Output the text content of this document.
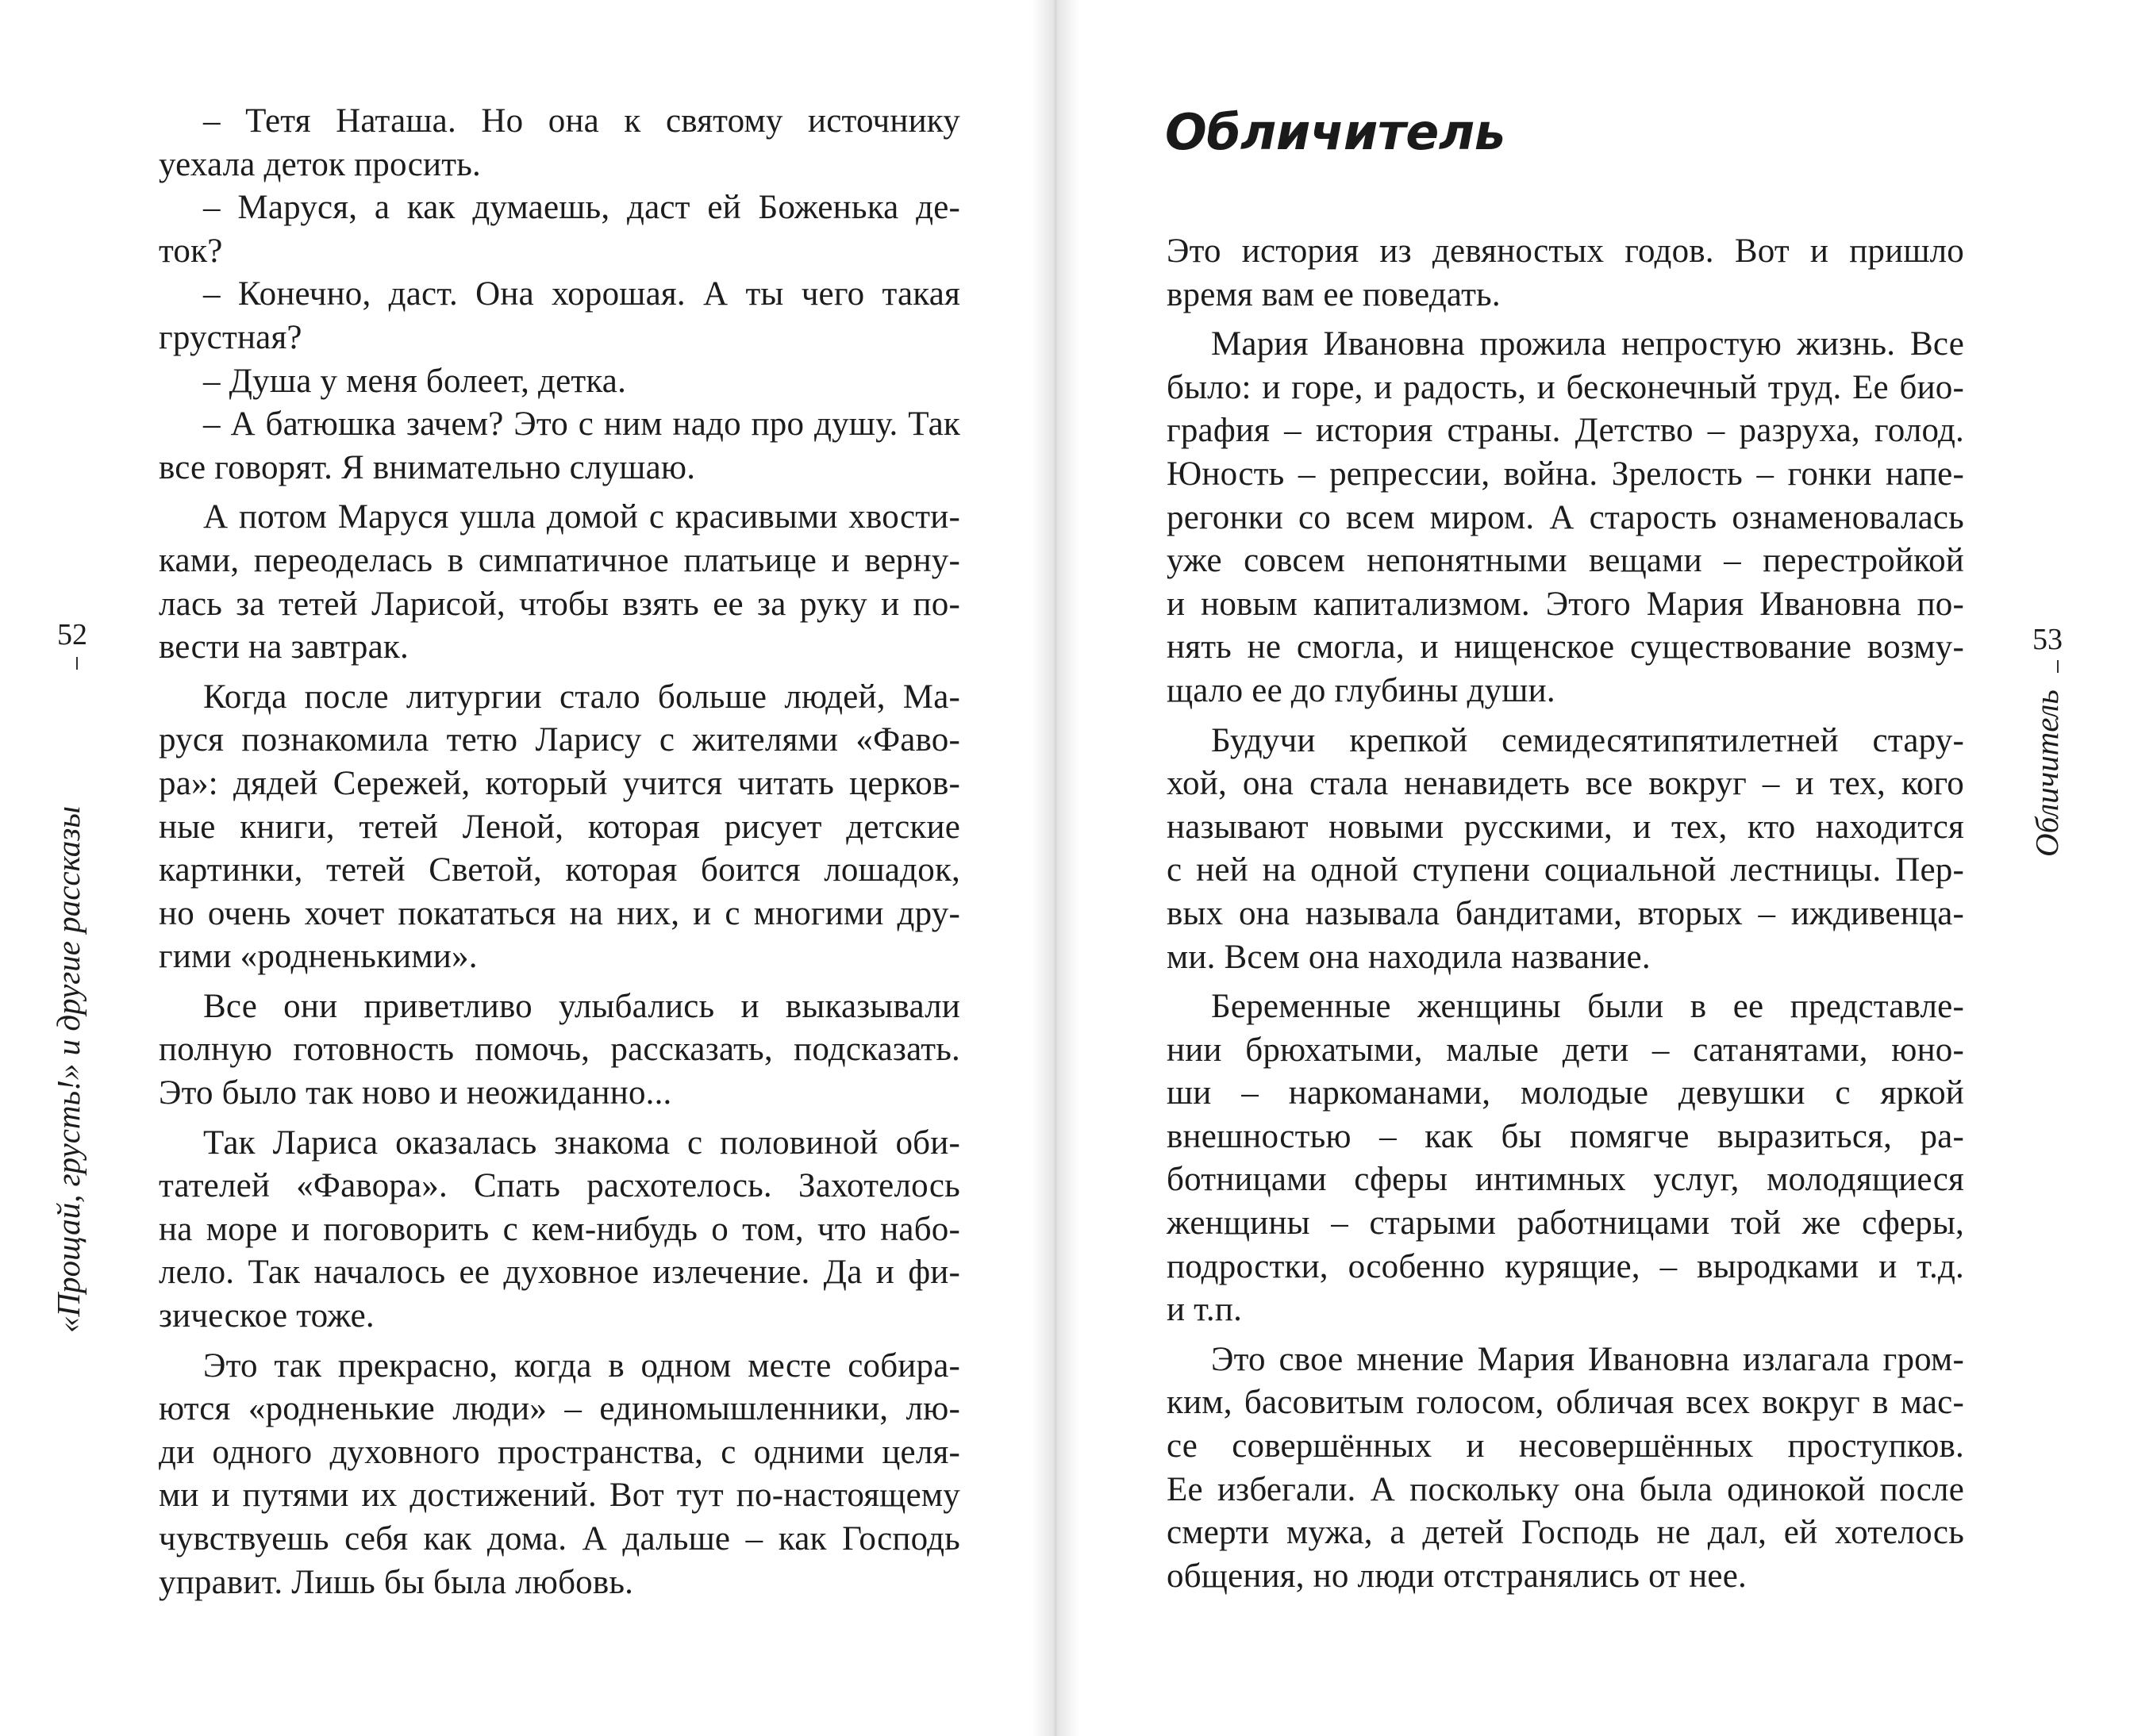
«Прощай, грусть!» и другие рассказы
52
– Тетя Наташа. Но она к святому источнику
уехала деток просить.
– Маруся, а как думаешь, даст ей Боженька де-
ток?
– Конечно, даст. Она хорошая. А ты чего такая
грустная?
– Душа у меня болеет, детка.
– А батюшка зачем? Это с ним надо про душу. Так
все говорят. Я внимательно слушаю.
А потом Маруся ушла домой с красивыми хвости-
ками, переоделась в симпатичное платьице и верну-
лась за тетей Ларисой, чтобы взять ее за руку и по-
вести на завтрак.
Когда после литургии стало больше людей, Ма-
руся познакомила тетю Ларису с жителями «Фаво-
ра»: дядей Сережей, который учится читать церков-
ные книги, тетей Леной, которая рисует детские
картинки, тетей Светой, которая боится лошадок,
но очень хочет покататься на них, и с многими дру-
гими «родненькими».
Все они приветливо улыбались и выказывали
полную готовность помочь, рассказать, подсказать.
Это было так ново и неожиданно...
Так Лариса оказалась знакома с половиной оби-
тателей «Фавора». Спать расхотелось. Захотелось
на море и поговорить с кем-нибудь о том, что набо-
лело. Так началось ее духовное излечение. Да и фи-
зическое тоже.
Это так прекрасно, когда в одном месте собира-
ются «родненькие люди» – единомышленники, лю-
ди одного духовного пространства, с одними целя-
ми и путями их достижений. Вот тут по-настоящему
чувствуешь себя как дома. А дальше – как Господь
управит. Лишь бы была любовь.
Обличитель
Обличитель
53
Это история из девяностых годов. Вот и пришло
время вам ее поведать.
Мария Ивановна прожила непростую жизнь. Все
было: и горе, и радость, и бесконечный труд. Ее био-
графия – история страны. Детство – разруха, голод.
Юность – репрессии, война. Зрелость – гонки напе-
регонки со всем миром. А старость ознаменовалась
уже совсем непонятными вещами – перестройкой
и новым капитализмом. Этого Мария Ивановна по-
нять не смогла, и нищенское существование возму-
щало ее до глубины души.
Будучи крепкой семидесятипятилетней стару-
хой, она стала ненавидеть все вокруг – и тех, кого
называют новыми русскими, и тех, кто находится
с ней на одной ступени социальной лестницы. Пер-
вых она называла бандитами, вторых – иждивенца-
ми. Всем она находила название.
Беременные женщины были в ее представле-
нии брюхатыми, малые дети – сатанятами, юно-
ши – наркоманами, молодые девушки с яркой
внешностью – как бы помягче выразиться, ра-
ботницами сферы интимных услуг, молодящиеся
женщины – старыми работницами той же сферы,
подростки, особенно курящие, – выродками и т.д.
и т.п.
Это свое мнение Мария Ивановна излагала гром-
ким, басовитым голосом, обличая всех вокруг в мас-
се совершённых и несовершённых проступков.
Ее избегали. А поскольку она была одинокой после
смерти мужа, а детей Господь не дал, ей хотелось
общения, но люди отстранялись от нее.
